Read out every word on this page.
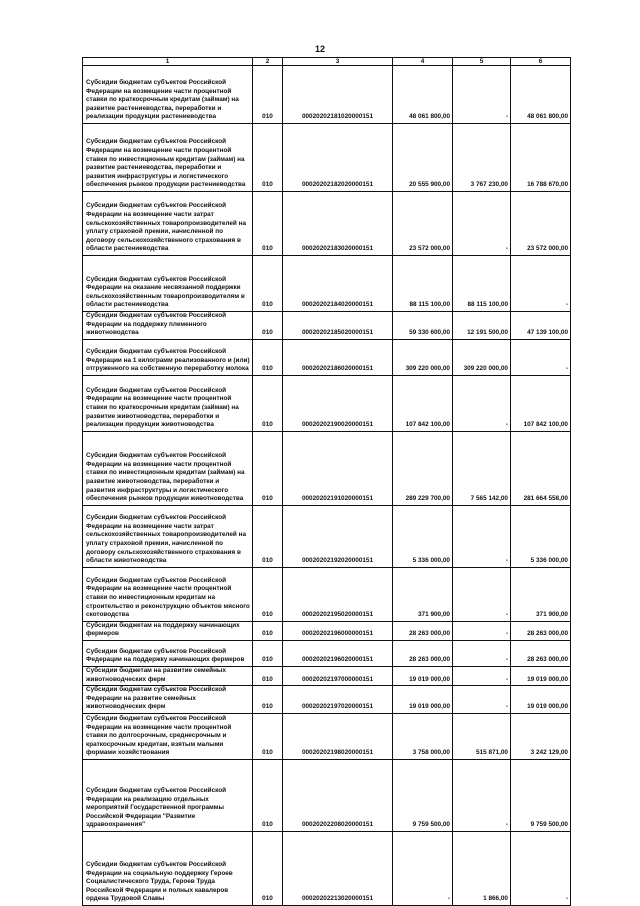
12
1	2	3	4	5	6
Субсидии бюджетам субъектов Российской Федерации на возмещение части процентной ставки по краткосрочным кредитам (займам) на развитие растениеводства, переработки и реализации продукции растениеводства	010	00020202181020000151	48 061 800,00	-	48 061 800,00
Субсидии бюджетам субъектов Российской Федерации на возмещение части процентной ставки по инвестиционным кредитам (займам) на развитие растениеводства, переработки и развития инфраструктуры и логистического обеспечения рынков продукции растениеводства	010	00020202182020000151	20 555 900,00	3 767 230,00	16 788 670,00
Субсидии бюджетам субъектов Российской Федерации на возмещение части затрат сельскохозяйственных товаропроизводителей на уплату страховой премии, начисленной по договору сельскохозяйственного страхования в области растениеводства	010	00020202183020000151	23 572 000,00	-	23 572 000,00
Субсидии бюджетам субъектов Российской Федерации на оказание несвязанной поддержки сельскохозяйственным товаропроизводителям в области растениеводства	010	00020202184020000151	88 115 100,00	88 115 100,00	-
Субсидии бюджетам субъектов Российской Федерации на поддержку племенного животноводства	010	00020202185020000151	59 330 600,00	12 191 500,00	47 139 100,00
Субсидии бюджетам субъектов Российской Федерации на 1 килограмм реализованного и (или) отгруженного на собственную переработку молока	010	00020202186020000151	309 220 000,00	309 220 000,00	-
Субсидии бюджетам субъектов Российской Федерации на возмещение части процентной ставки по краткосрочным кредитам (займам) на развитие животноводства, переработки и реализации продукции животноводства	010	00020202190020000151	107 842 100,00	-	107 842 100,00
Субсидии бюджетам субъектов Российской Федерации на возмещение части процентной ставки по инвестиционным кредитам (займам) на развитие животноводства, переработки и развития инфраструктуры и логистического обеспечения рынков продукции животноводства	010	00020202191020000151	289 229 700,00	7 565 142,00	281 664 558,00
Субсидии бюджетам субъектов Российской Федерации на возмещение части затрат сельскохозяйственных товаропроизводителей на уплату страховой премии, начисленной по договору сельскохозяйственного страхования в области животноводства	010	00020202192020000151	5 336 000,00	-	5 336 000,00
Субсидии бюджетам субъектов Российской Федерации на возмещение части процентной ставки по инвестиционным кредитам на строительство и реконструкцию объектов мясного скотоводства	010	00020202195020000151	371 900,00	-	371 900,00
Субсидии бюджетам на поддержку начинающих фермеров	010	00020202196000000151	28 263 000,00	-	28 263 000,00
Субсидии бюджетам субъектов Российской Федерации на поддержку начинающих фермеров	010	00020202196020000151	28 263 000,00	-	28 263 000,00
Субсидии бюджетам на развитие семейных животноводческих ферм	010	00020202197000000151	19 019 000,00	-	19 019 000,00
Субсидии бюджетам субъектов Российской Федерации на развитие семейных животноводческих ферм	010	00020202197020000151	19 019 000,00	-	19 019 000,00
Субсидии бюджетам субъектов Российской Федерации на возмещение части процентной ставки по долгосрочным, среднесрочным и краткосрочным кредитам, взятым малыми формами хозяйствования	010	00020202198020000151	3 758 000,00	515 871,00	3 242 129,00
Субсидии бюджетам субъектов Российской Федерации на реализацию отдельных мероприятий Государственной программы Российской Федерации "Развитие здравоохранения"	010	00020202208020000151	9 759 500,00	-	9 759 500,00
Субсидии бюджетам субъектов Российской Федерации на социальную поддержку Героев Социалистического Труда, Героев Труда Российской Федерации и полных кавалеров ордена Трудовой Славы	010	00020202213020000151	-	1 866,00	-
